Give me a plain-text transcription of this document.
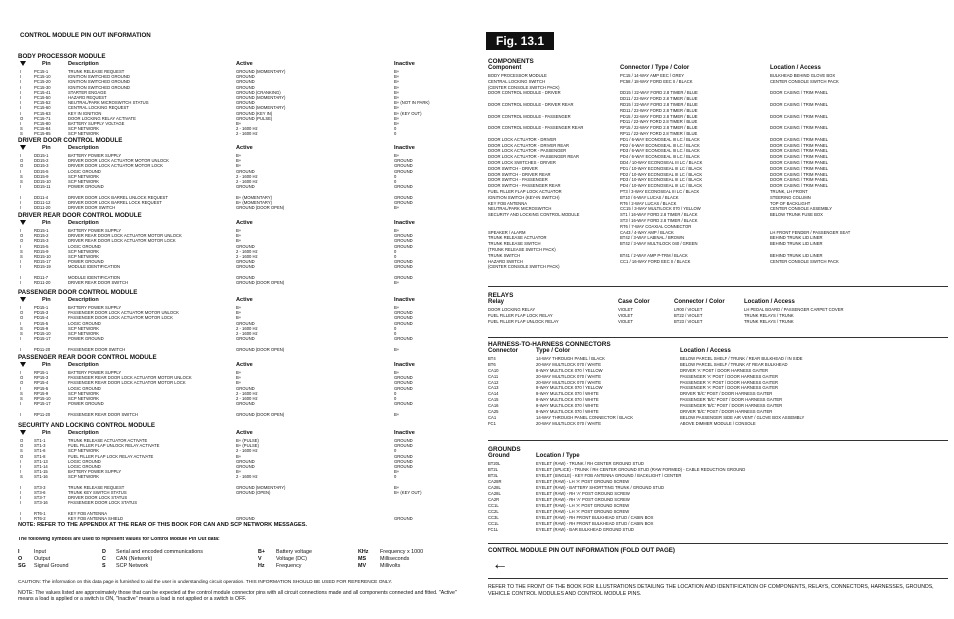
CONTROL MODULE PIN OUT INFORMATION
BODY PROCESSOR MODULE
Pin	Description	Active	Inactive
I	PC15-1	TRUNK RELEASE REQUEST	GROUND (MOMENTARY)	B+
I	PC15-10	IGNITION SWITCHED GROUND	GROUND	B+
I	PC15-20	IGNITION SWITCHED GROUND	GROUND	B+
I	PC15-30	IGNITION SWITCHED GROUND	GROUND	B+
I	PC15-41	STARTER ENGAGE	GROUND (CRANKING)	B+
I	PC15-50	HAZARD REQUEST	GROUND (MOMENTARY)	B+
I	PC15-52	NEUTRAL/PARK MICROSWITCH STATUS	GROUND	B+ (NOT IN PARK)
I	PC15-60	CENTRAL LOCKING REQUEST	GROUND (MOMENTARY)	B+
I	PC15-63	KEY IN IGNITION	GROUND (KEY IN)	B+ (KEY OUT)
O	PC15-71	DOOR LOCKING RELAY ACTIVATE	GROUND (PULSE)	B+
I	PC15-80	BATTERY SUPPLY VOLTAGE	B+	B+
S	PC15-84	SCP NETWORK	2 - 1600 Hz	0
S	PC15-85	SCP NETWORK	2 - 1600 Hz	0
DRIVER DOOR CONTROL MODULE
Pin	Description	Active	Inactive
I	DD15-1	BATTERY POWER SUPPLY	B+	B+
O	DD15-2	DRIVER DOOR LOCK ACTUATOR MOTOR UNLOCK	B+	GROUND
O	DD15-3	DRIVER DOOR LOCK ACTUATOR MOTOR LOCK	B+	GROUND
I	DD15-5	LOGIC GROUND	GROUND	GROUND
S	DD15-9	SCP NETWORK	2 - 1600 Hz	0
S	DD15-10	SCP NETWORK	2 - 1600 Hz	0
I	DD15-11	POWER GROUND	GROUND	GROUND
I	DD11-4	DRIVER DOOR LOCK BARREL UNLOCK REQUEST	B+ (MOMENTARY)	GROUND
I	DD11-12	DRIVER DOOR LOCK BARREL LOCK REQUEST	B+ (MOMENTARY)	GROUND
I	DD11-20	DRIVER DOOR SWITCH	GROUND (DOOR OPEN)	B+
DRIVER REAR DOOR CONTROL MODULE
Pin	Description	Active	Inactive
I	RD15-1	BATTERY POWER SUPPLY	B+	B+
O	RD15-2	DRIVER REAR DOOR LOCK ACTUATOR MOTOR UNLOCK	B+	GROUND
O	RD15-3	DRIVER REAR DOOR LOCK ACTUATOR MOTOR LOCK	B+	GROUND
I	RD15-5	LOGIC GROUND	GROUND	GROUND
S	RD15-9	SCP NETWORK	2 - 1600 Hz	0
S	RD15-10	SCP NETWORK	2 - 1600 Hz	0
I	RD15-17	POWER GROUND	GROUND	GROUND
I	RD15-19	MODULE IDENTIFICATION	GROUND	GROUND
I	RD11-7	MODULE IDENTIFICATION	GROUND	GROUND
I	RD11-20	DRIVER REAR DOOR SWITCH	GROUND (DOOR OPEN)	B+
PASSENGER DOOR CONTROL MODULE
Pin	Description	Active	Inactive
I	PD15-1	BATTERY POWER SUPPLY	B+	B+
O	PD15-3	PASSENGER DOOR LOCK ACTUATOR MOTOR UNLOCK	B+	GROUND
O	PD15-4	PASSENGER DOOR LOCK ACTUATOR MOTOR LOCK	B+	GROUND
I	PD15-5	LOGIC GROUND	GROUND	GROUND
S	PD15-9	SCP NETWORK	2 - 1600 Hz	0
S	PD15-10	SCP NETWORK	2 - 1600 Hz	0
I	PD15-17	POWER GROUND	GROUND	GROUND
I	PD11-20	PASSENGER DOOR SWITCH	GROUND (DOOR OPEN)	B+
PASSENGER REAR DOOR CONTROL MODULE
Pin	Description	Active	Inactive
I	RP15-1	BATTERY POWER SUPPLY	B+	B+
O	RP15-3	PASSENGER REAR DOOR LOCK ACTUATOR MOTOR UNLOCK	B+	GROUND
O	RP15-4	PASSENGER REAR DOOR LOCK ACTUATOR MOTOR LOCK	B+	GROUND
I	RP15-5	LOGIC GROUND	GROUND	GROUND
S	RP15-9	SCP NETWORK	2 - 1600 Hz	0
S	RP15-10	SCP NETWORK	2 - 1600 Hz	0
I	RP15-17	POWER GROUND	GROUND	GROUND
I	RP11-20	PASSENGER REAR DOOR SWITCH	GROUND (DOOR OPEN)	B+
SECURITY AND LOCKING CONTROL MODULE
Pin	Description	Active	Inactive
O	ST1-1	TRUNK RELEASE ACTUATOR ACTIVATE	B+ (PULSE)	GROUND
O	ST1-3	FUEL FILLER FLAP UNLOCK RELAY ACTIVATE	B+ (PULSE)	GROUND
S	ST1-6	SCP NETWORK	2 - 1600 Hz	0
O	ST1-8	FUEL FILLER FLAP LOCK RELAY ACTIVATE	B+	GROUND
I	ST1-13	LOGIC GROUND	GROUND	GROUND
I	ST1-14	LOGIC GROUND	GROUND	GROUND
I	ST1-15	BATTERY POWER SUPPLY	B+	B+
S	ST1-16	SCP NETWORK	2 - 1600 Hz	0
I	ST3-3	TRUNK RELEASE REQUEST	GROUND (MOMENTARY)	B+
I	ST3-6	TRUNK KEY SWITCH STATUS	GROUND (OPEN)	B+ (KEY OUT)
I	ST3-7	DRIVER DOOR LOCK STATUS
I	ST3-16	PASSENGER DOOR LOCK STATUS
I	RT6-1	KEY FOB ANTENNA
I	RT6-2	KEY FOB ANTENNA SHIELD	GROUND	GROUND
NOTE: REFER TO THE APPENDIX AT THE REAR OF THIS BOOK FOR CAN AND SCP NETWORK MESSAGES.
The following symbols are used to represent values for Control Module Pin Out data:
I	Input	D Serial and encoded communications	B+ Battery voltage	KHz Frequency x 1000
O Output	C CAN (Network)	V	Voltage (DC)	MS	Milliseconds
SG Signal Ground	S SCP Network	Hz Frequency	MV	Millivolts
CAUTION: The information on this data page is furnished to aid the user in understanding circuit operation. THIS INFORMATION SHOULD BE USED FOR REFERENCE ONLY.
NOTE: The values listed are approximately those that can be expected at the control module connector pins with all circuit connections made and all components connected and fitted. "Active" means a load is applied or a switch is ON, "Inactive" means a load is not applied or a switch is OFF.
Fig. 13.1
COMPONENTS
Component	Connector / Type / Color	Location / Access
BODY PROCESSOR MODULE	PC15 / 14-WAY AMP EEC / GREY	BULKHEAD BEHIND GLOVE BOX
CENTRAL LOCKING SWITCH	PC58 / 18-WAY FORD EEC II / BLACK	CENTER CONSOLE SWITCH PACK
(CENTER CONSOLE SWITCH PACK)
DOOR CONTROL MODULE - DRIVER	DD15 / 22-WAY FORD 2.8 TIMER / BLUE	DOOR CASING / TRIM PANEL
DD11 / 22-WAY FORD 2.8 TIMER / BLUE
DOOR CONTROL MODULE - DRIVER REAR	RD15 / 22-WAY FORD 2.8 TIMER / BLUE	DOOR CASING / TRIM PANEL
RD11 / 22-WAY FORD 2.8 TIMER / BLUE
DOOR CONTROL MODULE - PASSENGER	PD15 / 22-WAY FORD 2.8 TIMER / BLUE	DOOR CASING / TRIM PANEL
PD11 / 22-WAY FORD 2.8 TIMER / BLUE
DOOR CONTROL MODULE - PASSENGER REAR	RP15 / 22-WAY FORD 2.8 TIMER / BLUE	DOOR CASING / TRIM PANEL
RP11 / 22-WAY FORD 2.8 TIMER / BLUE
DOOR LOCK ACTUATOR - DRIVER	PD1 / 6-WAY ECONOSEAL III LC / BLACK	DOOR CASING / TRIM PANEL
DOOR LOCK ACTUATOR - DRIVER REAR	PD2 / 6-WAY ECONOSEAL III LC / BLACK	DOOR CASING / TRIM PANEL
DOOR LOCK ACTUATOR - PASSENGER	PD3 / 6-WAY ECONOSEAL III LC / BLACK	DOOR CASING / TRIM PANEL
DOOR LOCK ACTUATOR - PASSENGER REAR	PD4 / 6-WAY ECONOSEAL III LC / BLACK	DOOR CASING / TRIM PANEL
DOOR LOCK SWITCHES - DRIVER	DD4 / 10-WAY ECONOSEAL III LC / BLACK	DOOR CASING / TRIM PANEL
DOOR SWITCH - DRIVER	PD1 / 10-WAY ECONOSEAL III LC / BLACK	DOOR CASING / TRIM PANEL
DOOR SWITCH - DRIVER REAR	PD2 / 10-WAY ECONOSEAL III LC / BLACK	DOOR CASING / TRIM PANEL
DOOR SWITCH - PASSENGER	PD3 / 10-WAY ECONOSEAL III LC / BLACK	DOOR CASING / TRIM PANEL
DOOR SWITCH - PASSENGER REAR	PD4 / 10-WAY ECONOSEAL III LC / BLACK	DOOR CASING / TRIM PANEL
FUEL FILLER FLAP LOCK ACTUATOR	PT3 / 3-WAY ECONOSEAL III LC / BLACK	TRUNK, LH FRONT
IGNITION SWITCH (KEY-IN SWITCH)	BT10 / 6-WAY LUCAS / BLACK	STEERING COLUMN
KEY FOB ANTENNA	RT6 / 2-WAY LUCAS / BLACK	TOP OF BACKLIGHT
NEUTRAL/PARK MICROSWITCH	CC15 / 3-WAY MULTILOCK 070 / YELLOW	CENTER CONSOLE ASSEMBLY
SECURITY AND LOCKING CONTROL MODULE	ST1 / 16-WAY FORD 2.8 TIMER / BLACK	BELOW TRUNK FUSE BOX
ST3 / 16-WAY FORD 2.8 TIMER / BLACK
RT6 / 7-WAY COAXIAL CONNECTOR
SPEAKER / ALARM	CA43 / 4-WAY AMP / BLACK	LH FRONT FENDER / PASSENGER SEAT
TRUNK RELEASE ACTUATOR	BT42 / 3-WAY LABINAL / BROWN	BEHIND TRUNK LID LINER
TRUNK RELEASE SWITCH	BT42 / 3-WAY MULTILOCK 040 / GREEN	BEHIND TRUNK LID LINER
(TRUNK RELEASE SWITCH PACK)
TRUNK SWITCH	BT41 / 2-WAY AMP P-TRM / BLACK	BEHIND TRUNK LID LINER
HAZARD SWITCH	CC1 / 16-WAY FORD EEC II / BLACK	CENTER CONSOLE SWITCH PACK
(CENTER CONSOLE SWITCH PACK)
RELAYS
Relay	Case Color	Connector / Color	Location / Access
DOOR LOCKING RELAY	VIOLET	LR00 / VIOLET	LH PEDAL BOARD / PASSENGER CARPET COVER
FUEL FILLER FLAP LOCK RELAY	VIOLET	BT22 / VIOLET	TRUNK RELAYS / TRUNK
FUEL FILLER FLAP UNLOCK RELAY	VIOLET	BT23 / VIOLET	TRUNK RELAYS / TRUNK
HARNESS-TO-HARNESS CONNECTORS
Connector	Type / Color	Location / Access
BT4	14-WAY THROUGH PANEL / BLACK	BELOW PARCEL SHELF / TRUNK / REAR BULKHEAD / IN SIDE
BT6	20-WAY MULTILOCK 070 / WHITE	BELOW PARCEL SHELF / TRUNK AT REAR BULKHEAD
CA10	8-WAY MULTILOCK 070 / YELLOW	DRIVER 'A' POST / DOOR HARNESS GAITER
CA11	20-WAY MULTILOCK 070 / WHITE	PASSENGER 'A' POST / DOOR HARNESS GAITER
CA12	20-WAY MULTILOCK 070 / WHITE	PASSENGER 'A' POST / DOOR HARNESS GAITER
CA13	8-WAY MULTILOCK 070 / YELLOW	PASSENGER 'A' POST / DOOR HARNESS GAITER
CA14	8-WAY MULTILOCK 070 / WHITE	DRIVER 'B/C' POST / DOOR HARNESS GAITER
CA15	8-WAY MULTILOCK 070 / WHITE	PASSENGER 'B/C' POST / DOOR HARNESS GAITER
CA16	8-WAY MULTILOCK 070 / WHITE	PASSENGER 'B/C' POST / DOOR HARNESS GAITER
CA25	8-WAY MULTILOCK 070 / WHITE	DRIVER 'B/C' POST / DOOR HARNESS GAITER
CA1	14-WAY THROUGH PANEL CONNECTOR / BLACK	BELOW PASSENGER SIDE AIR VENT / GLOVE BOX ASSEMBLY
FC1	20-WAY MULTILOCK 070 / WHITE	ABOVE DIMMER MODULE / CONSOLE
GROUNDS
Ground	Location / Type
BT20L	EYELET (RAW) - TRUNK / RH CENTER GROUND STUD
BT2L	EYELET (SPLICE) - TRUNK / RH CENTER GROUND STUD (RAW FORMED) - CABLE REDUCTION GROUND
BT3L	EYELET (SINGLE) - KEY FOB ANTENNA GROUND / BACKLIGHT / CENTER
CA28R	EYELET (RAW) - LH 'A' POST GROUND SCREW
CA28L	EYELET (RAW) - BATTERY SHORTTING TRUNK / GROUND STUD
CA28L	EYELET (RAW) - RH 'A' POST GROUND SCREW
CA2R	EYELET (RAW) - RH 'A' POST GROUND SCREW
CC1L	EYELET (RAW) - LH 'A' POST GROUND SCREW
CC2L	EYELET (RAW) - LH 'A' POST GROUND SCREW
CC3L	EYELET (RAW) - RH FRONT BULKHEAD STUD / CABIN BOX
CC1L	EYELET (RAW) - RH FRONT BULKHEAD STUD / CABIN BOX
FC1L	EYELET (RAW) - BAR BULKHEAD GROUND STUD
CONTROL MODULE PIN OUT INFORMATION (FOLD OUT PAGE)
←
REFER TO THE FRONT OF THE BOOK FOR ILLUSTRATIONS DETAILING THE LOCATION AND IDENTIFICATION OF COMPONENTS, RELAYS, CONNECTORS, HARNESSES, GROUNDS, VEHICLE CONTROL MODULES AND CONTROL MODULE PINS.
